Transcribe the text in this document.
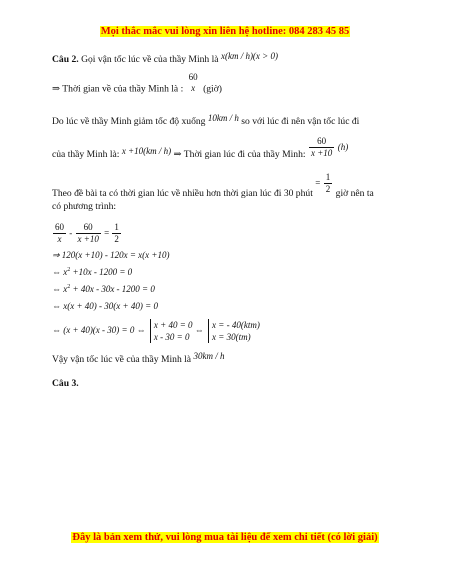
Mọi thắc mắc vui lòng xin liên hệ hotline: 084 283 45 85
Câu 2. Gọi vận tốc lúc về của thầy Minh là x(km / h)(x > 0)
⇒ Thời gian về của thầy Minh là :
60
x (giờ)
Do lúc về thầy Minh giảm tốc độ xuống 10km / h so với lúc đi nên vận tốc lúc đi
của thầy Minh là: x +10(km / h) ⇒ Thời gian lúc đi của thầy Minh: $\frac{60}{x +10} (h)$
Theo đề bài ta có thời gian lúc về nhiều hơn thời gian lúc đi 30 phút = $\frac{1}{2}$ giờ nên ta
có phương trình:
$\frac{60}{x} - \frac{60}{x +10} = \frac{1}{2}$
⇒ 120(x +10) - 120x = x(x +10)
⇔ $x^2 +10x - 1200 = 0$
⇔ $x^2 + 40x - 30x - 1200 = 0$
⇔ x(x + 40) - 30(x + 40) = 0
⇔ (x + 40)(x - 30) = 0 ⇔
x + 40 = 0
x - 30 = 0
⇔
x = - 40(ktm)
x = 30(tm)
Vậy vận tốc lúc về của thầy Minh là 30km / h
Câu 3.
Đây là bản xem thử, vui lòng mua tài liệu để xem chi tiết (có lời giải)
